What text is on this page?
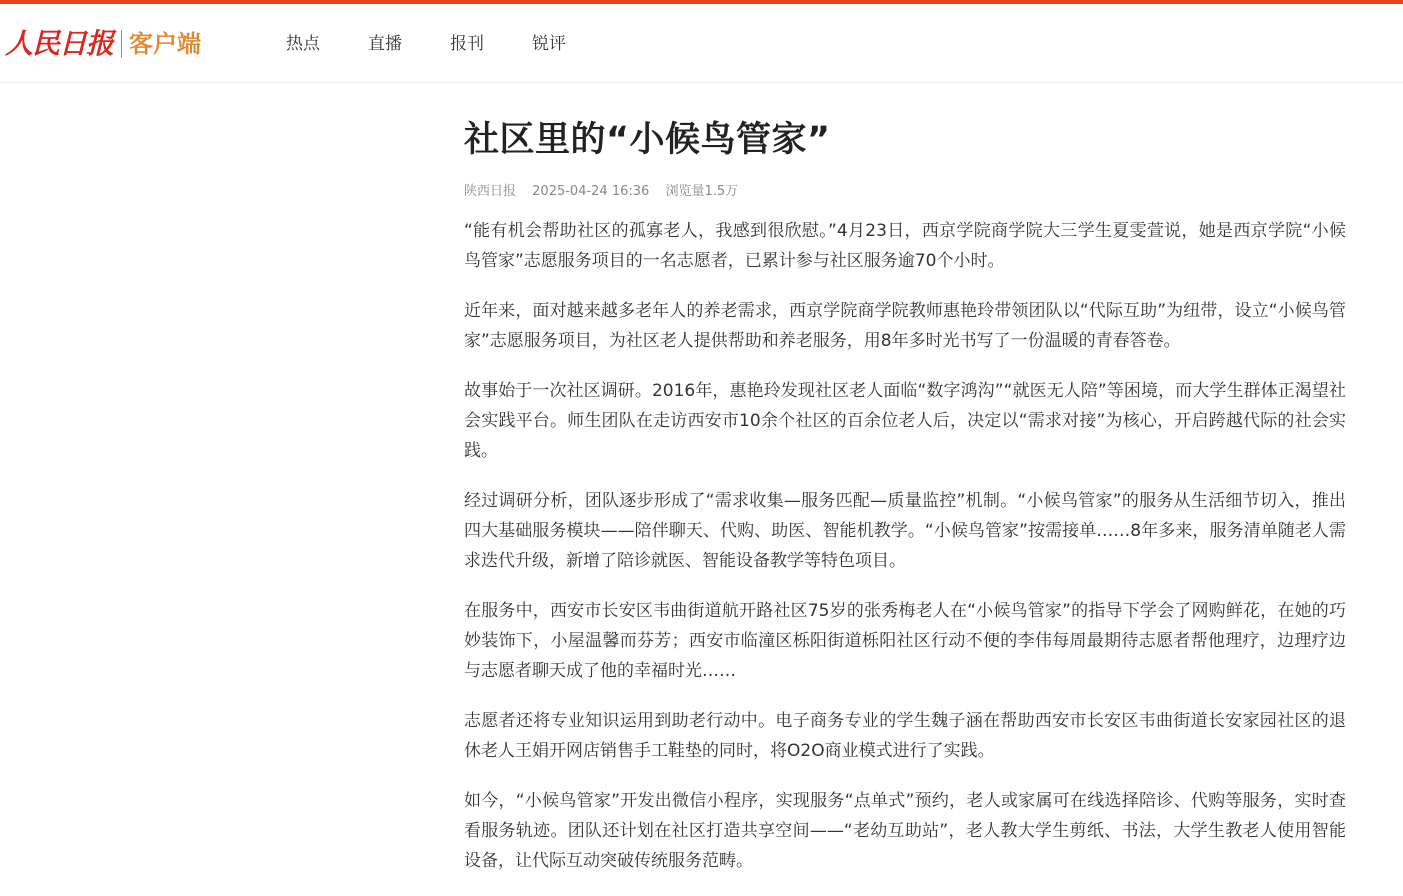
人民日报 客户端	热点	直播	报刊	锐评
社区里的“小候鸟管家”
陕西日报 2025-04-24 16:36 浏览量1.5万

“能有机会帮助社区的孤寡老人，我感到很欣慰。”4月23日，西京学院商学院大三学生夏雯萱说，她是西京学院“小候鸟管家”志愿服务项目的一名志愿者，已累计参与社区服务逾70个小时。

近年来，面对越来越多老年人的养老需求，西京学院商学院教师惠艳玲带领团队以“代际互助”为纽带，设立“小候鸟管家”志愿服务项目，为社区老人提供帮助和养老服务，用8年多时光书写了一份温暖的青春答卷。

故事始于一次社区调研。2016年，惠艳玲发现社区老人面临“数字鸿沟”“就医无人陪”等困境，而大学生群体正渴望社会实践平台。师生团队在走访西安市10余个社区的百余位老人后，决定以“需求对接”为核心，开启跨越代际的社会实践。

经过调研分析，团队逐步形成了“需求收集—服务匹配—质量监控”机制。“小候鸟管家”的服务从生活细节切入，推出四大基础服务模块——陪伴聊天、代购、助医、智能机教学。“小候鸟管家”按需接单……8年多来，服务清单随老人需求迭代升级，新增了陪诊就医、智能设备教学等特色项目。

在服务中，西安市长安区韦曲街道航开路社区75岁的张秀梅老人在“小候鸟管家”的指导下学会了网购鲜花，在她的巧妙装饰下，小屋温馨而芬芳；西安市临潼区栎阳街道栎阳社区行动不便的李伟每周最期待志愿者帮他理疗，边理疗边与志愿者聊天成了他的幸福时光……

志愿者还将专业知识运用到助老行动中。电子商务专业的学生魏子涵在帮助西安市长安区韦曲街道长安家园社区的退休老人王娟开网店销售手工鞋垫的同时，将O2O商业模式进行了实践。

如今，“小候鸟管家”开发出微信小程序，实现服务“点单式”预约，老人或家属可在线选择陪诊、代购等服务，实时查看服务轨迹。团队还计划在社区打造共享空间——“老幼互助站”，老人教大学生剪纸、书法，大学生教老人使用智能设备，让代际互动突破传统服务范畴。
